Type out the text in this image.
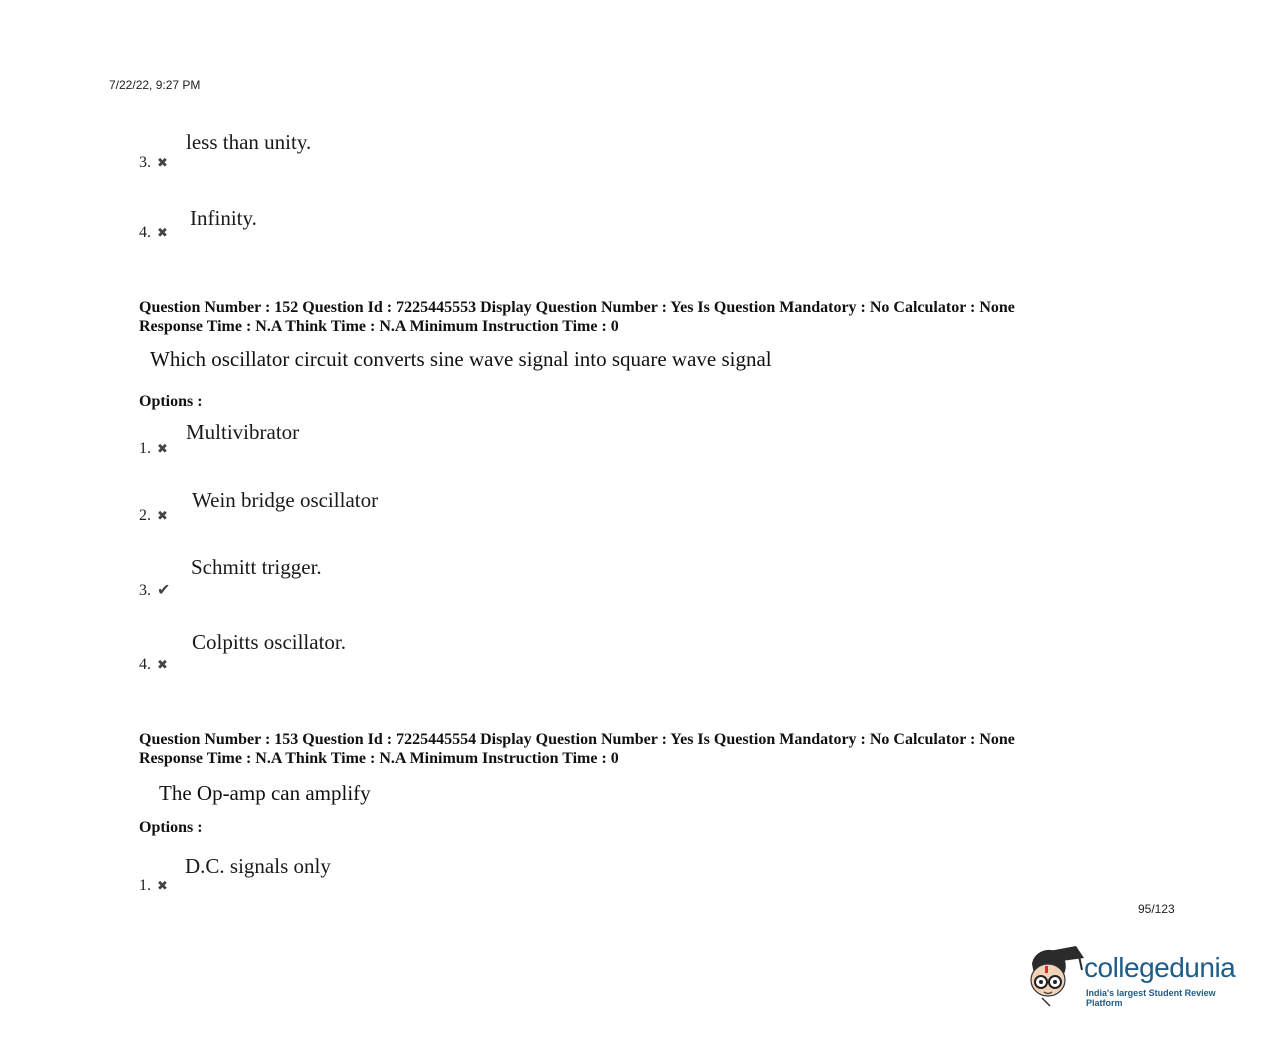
7/22/22, 9:27 PM
less than unity.
3. ✖
Infinity.
4. ✖
Question Number : 152 Question Id : 7225445553 Display Question Number : Yes Is Question Mandatory : No Calculator : None
Response Time : N.A Think Time : N.A Minimum Instruction Time : 0
Which oscillator circuit converts sine wave signal into square wave signal
Options :
Multivibrator
1. ✖
Wein bridge oscillator
2. ✖
Schmitt trigger.
3. ✔
Colpitts oscillator.
4. ✖
Question Number : 153 Question Id : 7225445554 Display Question Number : Yes Is Question Mandatory : No Calculator : None
Response Time : N.A Think Time : N.A Minimum Instruction Time : 0
The Op-amp can amplify
Options :
D.C. signals only
1. ✖
95/123
collegedunia
India's largest Student Review Platform
